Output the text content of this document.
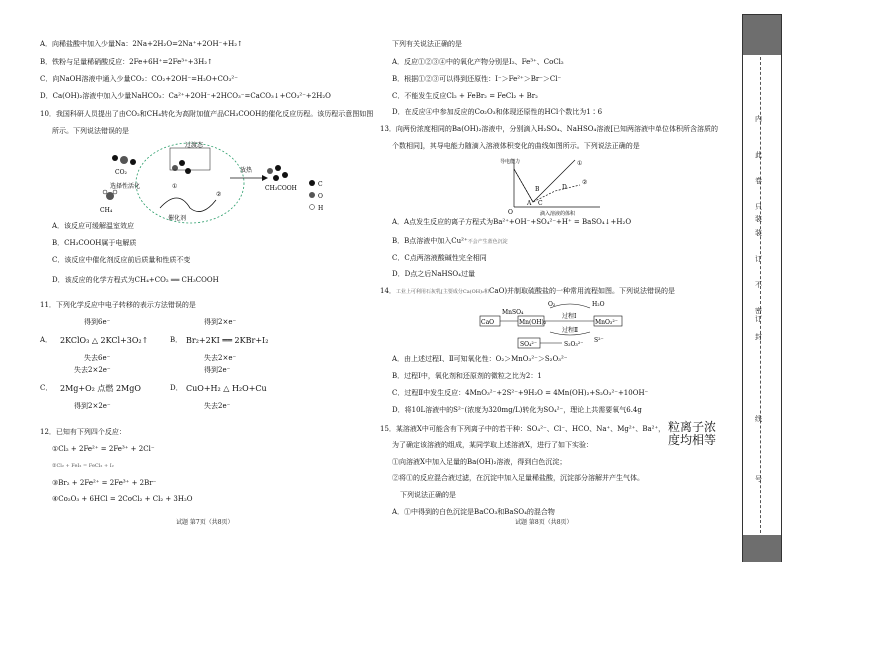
A．向稀盐酸中加入少量Na：2Na+2H₂O=2Na⁺+2OH⁻+H₂↑
B．铁粉与足量稀硝酸反应：2Fe+6H⁺=2Fe³⁺+3H₂↑
C．向NaOH溶液中通入少量CO₂：CO₂+2OH⁻=H₂O+CO₃²⁻
D．Ca(OH)₂溶液中加入少量NaHCO₃：Ca²⁺+2OH⁻+2HCO₃⁻=CaCO₃↓+CO₃²⁻+2H₂O
10．我国科研人员提出了由CO₂和CH₄转化为高附加值产品CH₃COOH的催化反应历程。该历程示意图如图
所示。下列说法错误的是
过渡态
①
②
选择性活化
催化剂
CO₂
CH₄
CH₃COOH
C
O
H
放热
A．该反应可缓解温室效应
B．CH₃COOH属于电解质
C．该反应中催化剂反应前后质量和性质不变
D．该反应的化学方程式为CH₄+CO₂ ══ CH₃COOH
11．下列化学反应中电子转移的表示方法错误的是
A．
得到6e⁻
2KClO₃ △ 2KCl+3O₂↑
失去6e⁻
B．
得到2×e⁻
Br₂+2KI ══ 2KBr+I₂
失去2×e⁻
C．
失去2×2e⁻
2Mg+O₂ 点燃 2MgO
得到2×2e⁻
D．
得到2e⁻
CuO+H₂ △ H₂O+Cu
失去2e⁻
12．已知有下列四个反应：
①Cl₂ + 2Fe²⁺ = 2Fe³⁺ + 2Cl⁻
②Cl₂ + FeI₂ = FeCl₂ + I₂
③Br₂ + 2Fe²⁺ = 2Fe³⁺ + 2Br⁻
④Co₂O₃ + 6HCl = 2CoCl₂ + Cl₂ + 3H₂O
试题 第7页（共8页）
下列有关说法正确的是
A．反应①②③④中的氧化产物分别是I₂、Fe³⁺、CoCl₂
B．根据①②③可以得到还原性：I⁻＞Fe²⁺＞Br⁻＞Cl⁻
C．不能发生反应Cl₂ + FeBr₂ = FeCl₂ + Br₂
D．在反应④中参加反应的Co₂O₃和体现还原性的HCl个数比为1∶6
13．向两份浓度相同的Ba(OH)₂溶液中，分别滴入H₂SO₄、NaHSO₄溶液[已知两溶液中单位体积所含溶质的
个数相同]，其导电能力随滴入溶液体积变化的曲线如图所示。下列说法正确的是
导电能力
滴入溶液的体积
A
B
C
D
①
②
O
A．A点发生反应的离子方程式为Ba²⁺+OH⁻+SO₄²⁻+H⁺ = BaSO₄↓+H₂O
B．B点溶液中加入Cu²⁺不会产生蓝色沉淀
C．C点两溶液酸碱性完全相同
D．D点之后NaHSO₄过量
14．工业上可利用石灰乳[主要成分Ca(OH)₂和CaO)并制取硫酸盐的一种常用流程如图。下列说法错误的是
CaO
MnSO₄
Mn(OH)₂	MnO₃²⁻
SO₄²⁻	S₂O₃²⁻
O₂	H₂O
S²⁻
过程Ⅰ
过程Ⅱ
A．由上述过程Ⅰ、Ⅱ可知氧化性：O₂＞MnO₃²⁻＞S₂O₃²⁻
B．过程Ⅰ中，氧化剂和还原剂的微粒之比为2：1
C．过程Ⅱ中发生反应：4MnO₃²⁻+2S²⁻+9H₂O = 4Mn(OH)₂+S₂O₃²⁻+10OH⁻
D．将10L溶液中的S²⁻(浓度为320mg/L)转化为SO₄²⁻，理论上共需要氧气6.4g
15．某溶液X中可能含有下列离子中的若干种：SO₄²⁻、Cl⁻、HCO、Na⁺、Mg²⁺、Ba²⁺， 粒离子浓度均相等
为了确定该溶液的组成，某同学取上述溶液X，进行了如下实验：
①向溶液X中加入足量的Ba(OH)₂溶液，得到白色沉淀；
②将①的反应混合液过滤，在沉淀中加入足量稀盐酸，沉淀部分溶解并产生气体。
下列说法正确的是
A．①中得到的白色沉淀是BaCO₃和BaSO₄的混合物
试题 第8页（共8页）
此
卷
只
装
订
不
密
封
内
装
订
线
号
